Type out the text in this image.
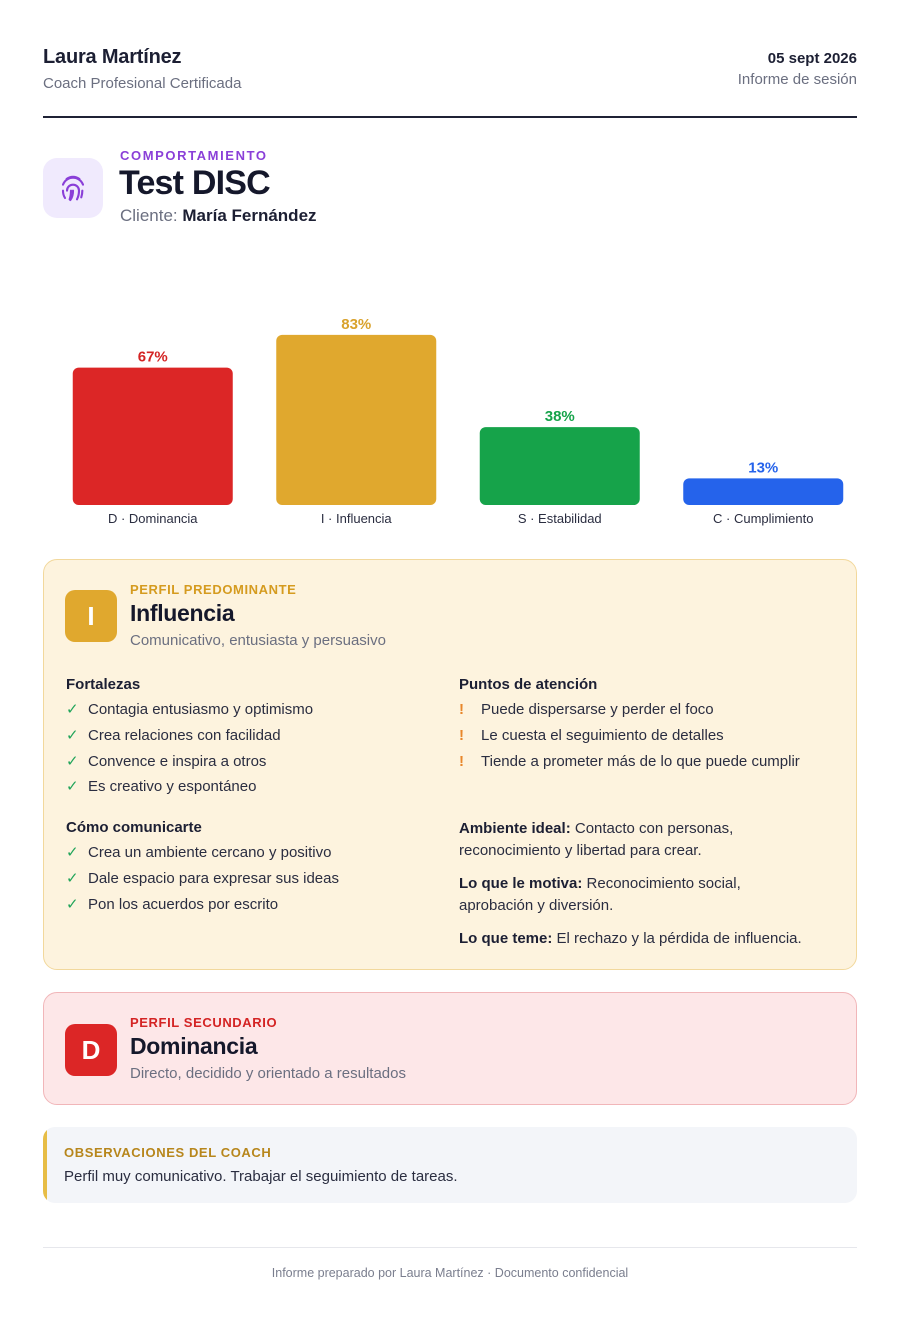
Laura Martínez
Coach Profesional Certificada
05 sept 2026
Informe de sesión
COMPORTAMIENTO
Test DISC
Cliente: María Fernández
67%
D · Dominancia
83%
I · Influencia
38%
S · Estabilidad
13%
C · Cumplimiento
I
PERFIL PREDOMINANTE
Influencia
Comunicativo, entusiasta y persuasivo
Fortalezas
✓ Contagia entusiasmo y optimismo
✓ Crea relaciones con facilidad
✓ Convence e inspira a otros
✓ Es creativo y espontáneo
Cómo comunicarte
✓ Crea un ambiente cercano y positivo
✓ Dale espacio para expresar sus ideas
✓ Pon los acuerdos por escrito
Puntos de atención
!	Puede dispersarse y perder el foco
!	Le cuesta el seguimiento de detalles
!	Tiende a prometer más de lo que puede cumplir
Ambiente ideal: Contacto con personas, reconocimiento y libertad para crear.
Lo que le motiva: Reconocimiento social, aprobación y diversión.
Lo que teme: El rechazo y la pérdida de influencia.
D
PERFIL SECUNDARIO
Dominancia
Directo, decidido y orientado a resultados
OBSERVACIONES DEL COACH
Perfil muy comunicativo. Trabajar el seguimiento de tareas.
Informe preparado por Laura Martínez · Documento confidencial
